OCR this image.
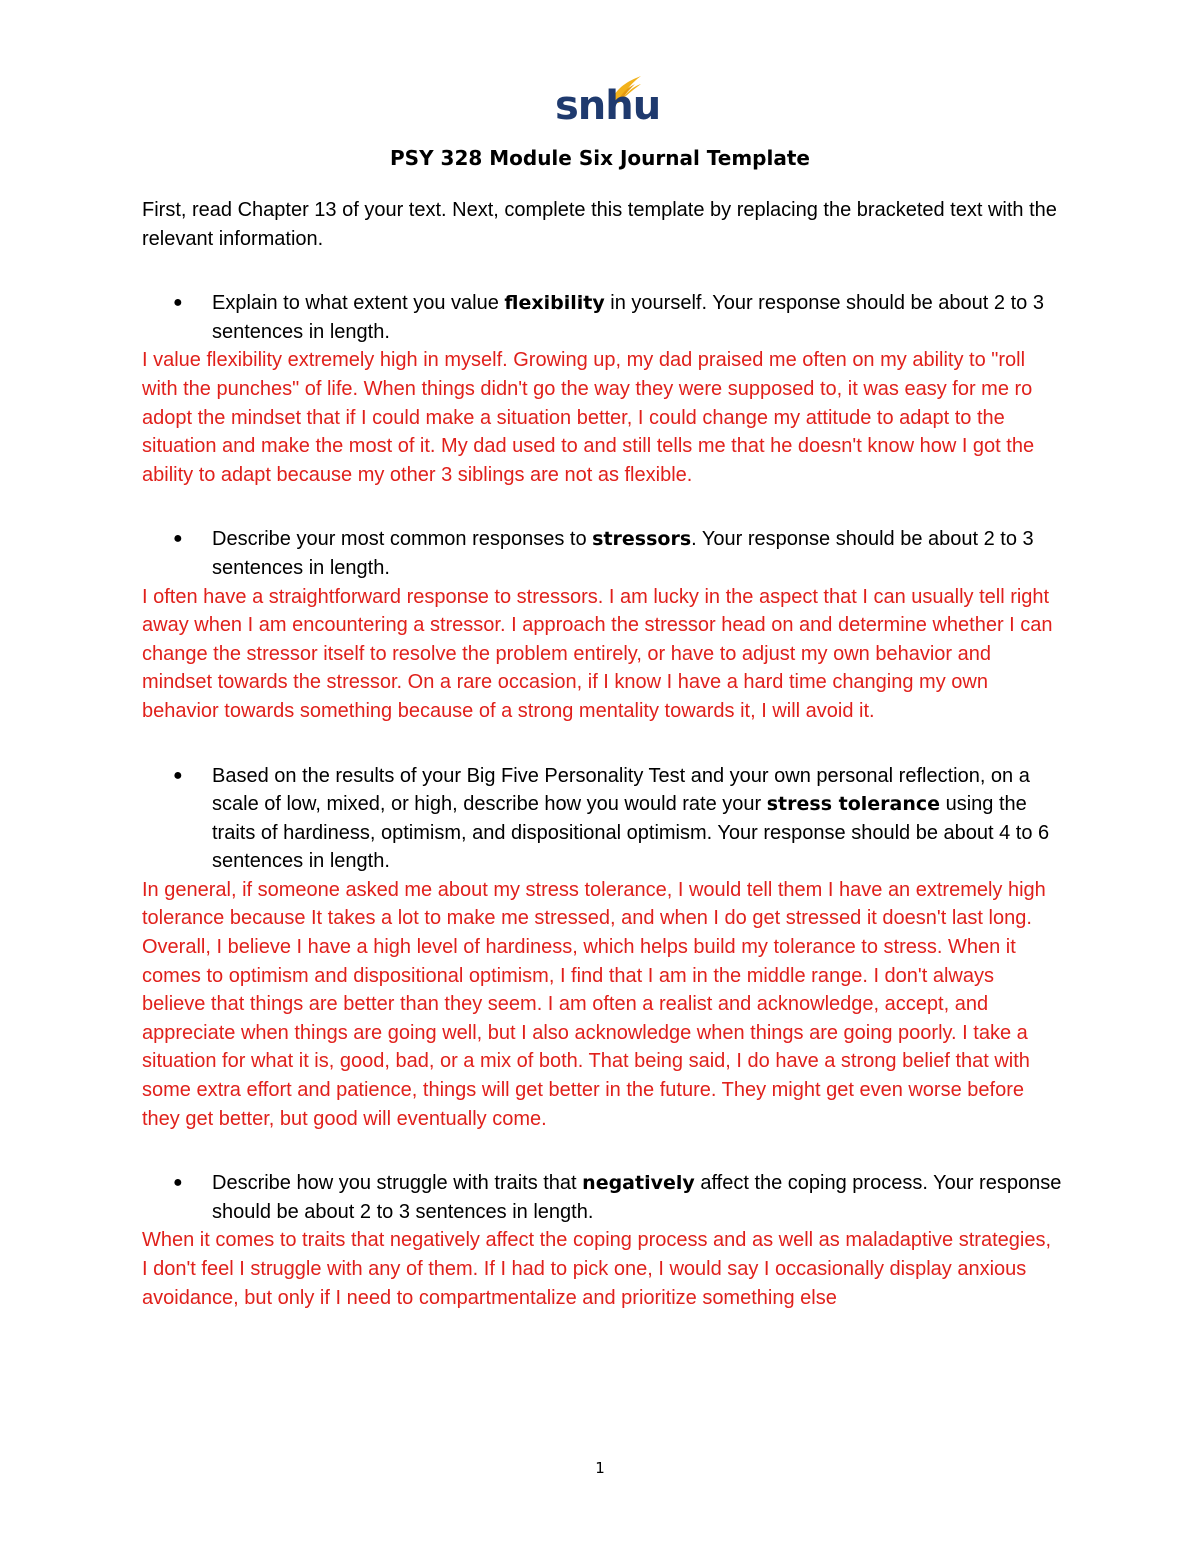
snhu
PSY 328 Module Six Journal Template

First, read Chapter 13 of your text. Next, complete this template by replacing the bracketed text with the relevant information.

● Explain to what extent you value flexibility in yourself. Your response should be about 2 to 3 sentences in length.

I value flexibility extremely high in myself. Growing up, my dad praised me often on my ability to "roll with the punches" of life. When things didn't go the way they were supposed to, it was easy for me ro adopt the mindset that if I could make a situation better, I could change my attitude to adapt to the situation and make the most of it. My dad used to and still tells me that he doesn't know how I got the ability to adapt because my other 3 siblings are not as flexible.

● Describe your most common responses to stressors. Your response should be about 2 to 3 sentences in length.

I often have a straightforward response to stressors. I am lucky in the aspect that I can usually tell right away when I am encountering a stressor. I approach the stressor head on and determine whether I can change the stressor itself to resolve the problem entirely, or have to adjust my own behavior and mindset towards the stressor. On a rare occasion, if I know I have a hard time changing my own behavior towards something because of a strong mentality towards it, I will avoid it.

● Based on the results of your Big Five Personality Test and your own personal reflection, on a scale of low, mixed, or high, describe how you would rate your stress tolerance using the traits of hardiness, optimism, and dispositional optimism. Your response should be about 4 to 6 sentences in length.

In general, if someone asked me about my stress tolerance, I would tell them I have an extremely high tolerance because It takes a lot to make me stressed, and when I do get stressed it doesn't last long. Overall, I believe I have a high level of hardiness, which helps build my tolerance to stress. When it comes to optimism and dispositional optimism, I find that I am in the middle range. I don't always believe that things are better than they seem. I am often a realist and acknowledge, accept, and appreciate when things are going well, but I also acknowledge when things are going poorly. I take a situation for what it is, good, bad, or a mix of both. That being said, I do have a strong belief that with some extra effort and patience, things will get better in the future. They might get even worse before they get better, but good will eventually come.

● Describe how you struggle with traits that negatively affect the coping process. Your response should be about 2 to 3 sentences in length.

When it comes to traits that negatively affect the coping process and as well as maladaptive strategies, I don't feel I struggle with any of them. If I had to pick one, I would say I occasionally display anxious avoidance, but only if I need to compartmentalize and prioritize something else

1
